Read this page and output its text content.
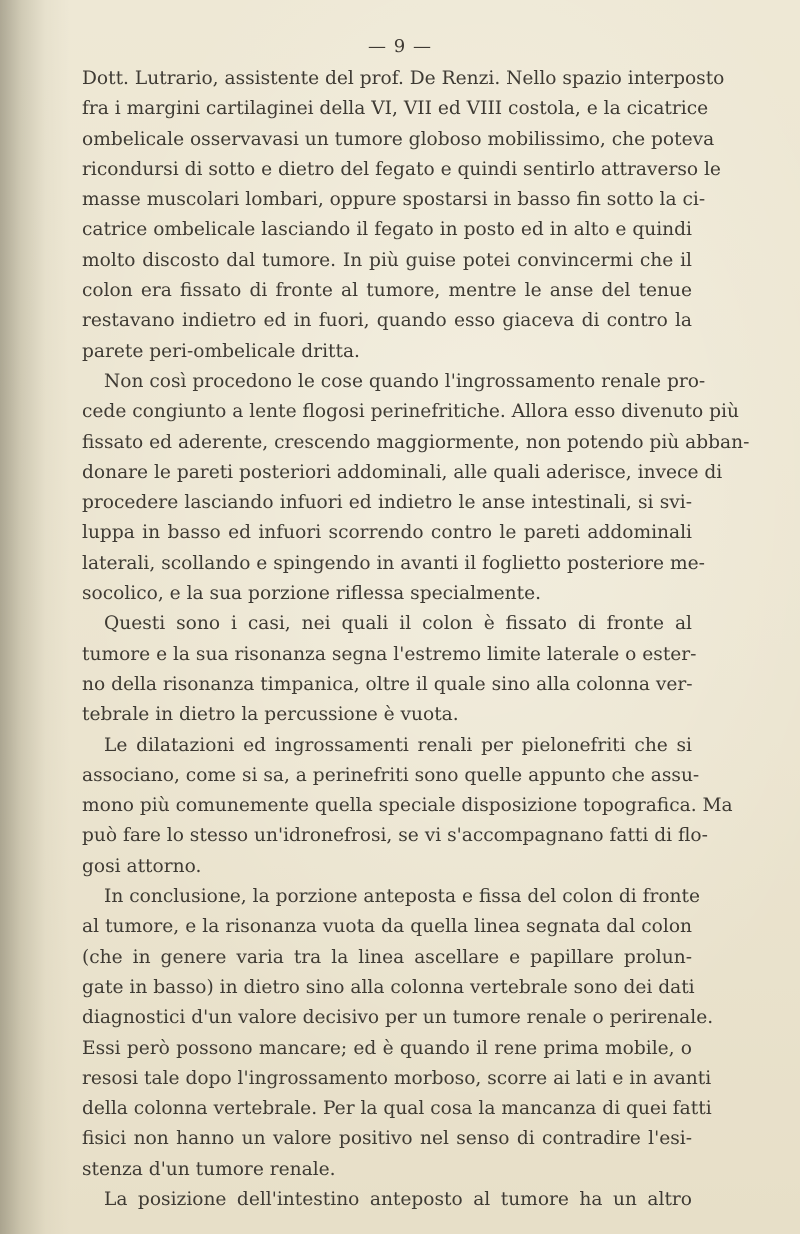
— 9 —
Dott. Lutrario, assistente del prof. De Renzi. Nello spazio interposto
fra i margini cartilaginei della VI, VII ed VIII costola, e la cicatrice
ombelicale osservavasi un tumore globoso mobilissimo, che poteva
ricondursi di sotto e dietro del fegato e quindi sentirlo attraverso le
masse muscolari lombari, oppure spostarsi in basso fin sotto la ci-
catrice ombelicale lasciando il fegato in posto ed in alto e quindi
molto discosto dal tumore. In più guise potei convincermi che il
colon era fissato di fronte al tumore, mentre le anse del tenue
restavano indietro ed in fuori, quando esso giaceva di contro la
parete peri-ombelicale dritta.
Non così procedono le cose quando l'ingrossamento renale pro-
cede congiunto a lente flogosi perinefritiche. Allora esso divenuto più
fissato ed aderente, crescendo maggiormente, non potendo più abban-
donare le pareti posteriori addominali, alle quali aderisce, invece di
procedere lasciando infuori ed indietro le anse intestinali, si svi-
luppa in basso ed infuori scorrendo contro le pareti addominali
laterali, scollando e spingendo in avanti il foglietto posteriore me-
socolico, e la sua porzione riflessa specialmente.
Questi sono i casi, nei quali il colon è fissato di fronte al
tumore e la sua risonanza segna l'estremo limite laterale o ester-
no della risonanza timpanica, oltre il quale sino alla colonna ver-
tebrale in dietro la percussione è vuota.
Le dilatazioni ed ingrossamenti renali per pielonefriti che si
associano, come si sa, a perinefriti sono quelle appunto che assu-
mono più comunemente quella speciale disposizione topografica. Ma
può fare lo stesso un'idronefrosi, se vi s'accompagnano fatti di flo-
gosi attorno.
In conclusione, la porzione anteposta e fissa del colon di fronte
al tumore, e la risonanza vuota da quella linea segnata dal colon
(che in genere varia tra la linea ascellare e papillare prolun-
gate in basso) in dietro sino alla colonna vertebrale sono dei dati
diagnostici d'un valore decisivo per un tumore renale o perirenale.
Essi però possono mancare; ed è quando il rene prima mobile, o
resosi tale dopo l'ingrossamento morboso, scorre ai lati e in avanti
della colonna vertebrale. Per la qual cosa la mancanza di quei fatti
fisici non hanno un valore positivo nel senso di contradire l'esi-
stenza d'un tumore renale.
La posizione dell'intestino anteposto al tumore ha un altro
